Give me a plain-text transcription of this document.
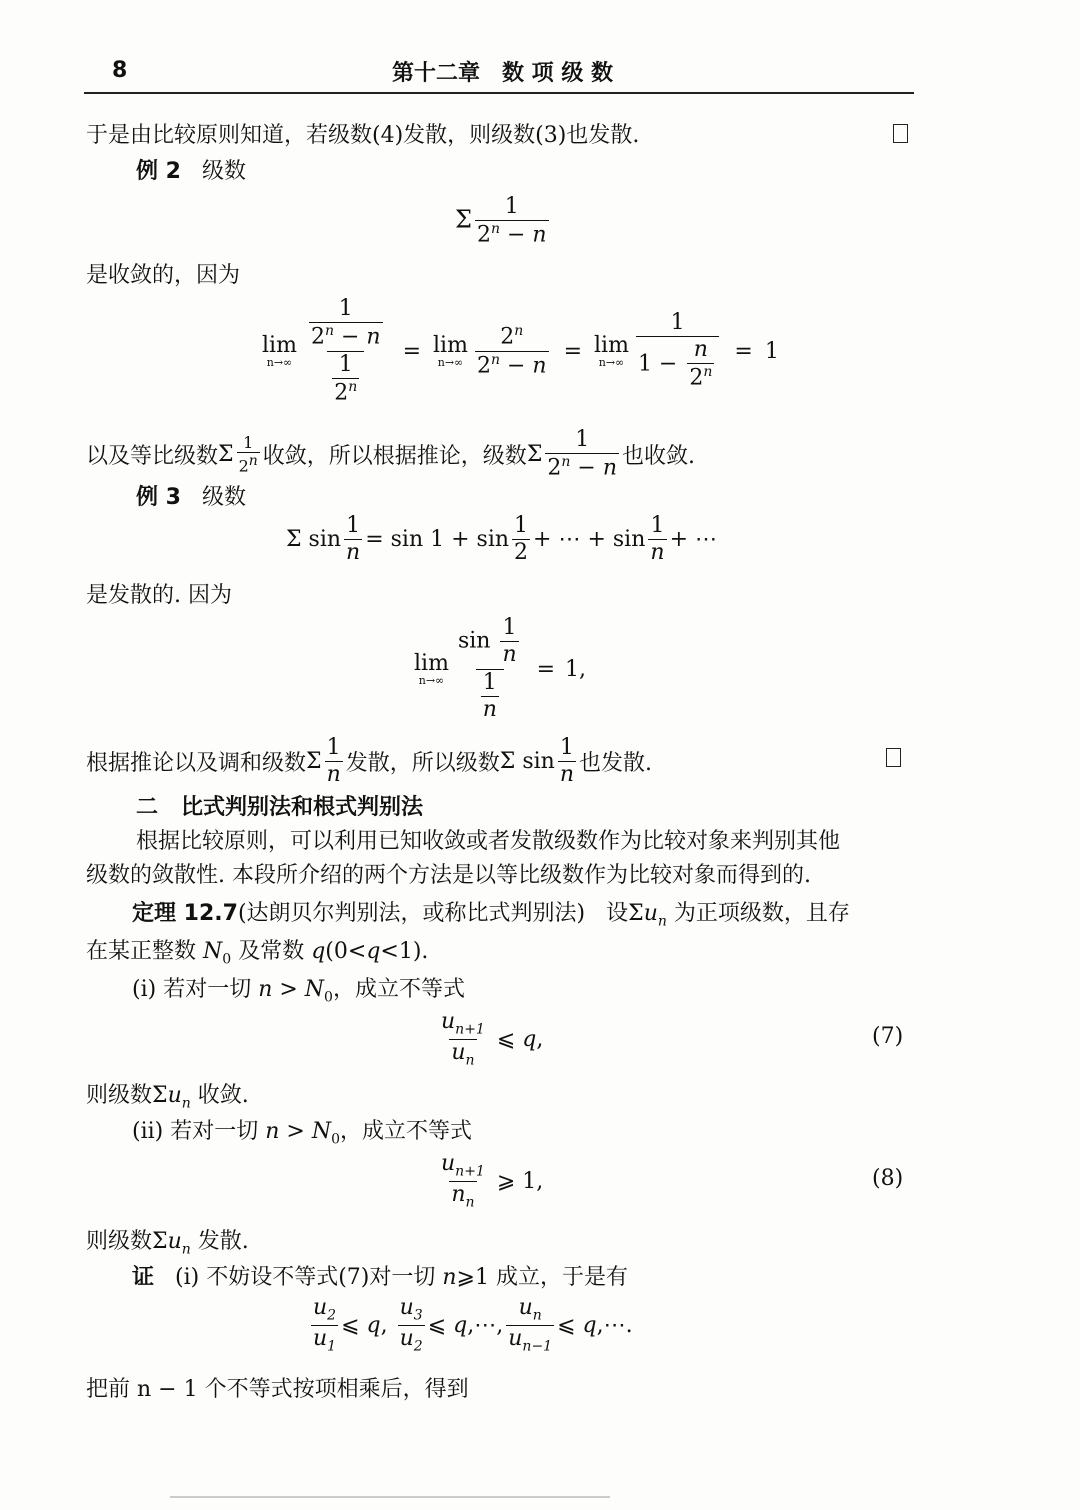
8	第十二章　数 项 级 数
于是由比较原则知道，若级数(4)发散，则级数(3)也发散.
例 2 级数
Σ $\frac{1}{2^n - n}$
是收敛的，因为
lim
$n\to\infty \frac{\frac{1}{2^n - n}}{\frac{1}{2^n}} = \lim$
$n\to\infty \frac{2^n}{2^n - n} = \lim$
$n\to\infty \frac{1}{1 - \frac{n}{2^n}} = 1$
以及等比级数 Σ $\frac{1}{2n}$ 收敛，所以根据推论，级数 Σ $\frac{1}{2^n - n}$ 也收敛.
例 3 级数
Σ $\sin \frac{1}{n} = \sin 1 + \sin \frac{1}{2}$ + ⋯ + $\sin \frac{1}{n}$ + ⋯
是发散的. 因为
lim
$n\to\infty \frac{\sin \frac{1}{n}}{\frac{1}{n}} = 1$,
根据推论以及调和级数 Σ $\frac{1}{n}$ 发散，所以级数 Σ $\sin \frac{1}{n}$ 也发散.
二 比式判别法和根式判别法
根据比较原则，可以利用已知收敛或者发散级数作为比较对象来判别其他
级数的敛散性. 本段所介绍的两个方法是以等比级数作为比较对象而得到的.
定理 12.7(达朗贝尔判别法，或称比式判别法) 设$\Sigma u_n$ 为正项级数，且存
在某正整数 $N_0$ 及常数 q(0<q<1).
(i) 若对一切 $n > N_0$，成立不等式
$\frac{u_{n+1}}{u_n}$ ⩽ q,	(7)
则级数$\Sigma u_n$ 收敛.
(ii) 若对一切 $n > N_0$，成立不等式
$\frac{u_{n+1}}{n_n}$ ⩾ 1,	(8)
则级数$\Sigma u_n$ 发散.
证 (i) 不妨设不等式(7)对一切 n⩾1 成立，于是有
$\frac{u_2}{u_1}$ ⩽ q, $\frac{u_3}{u_2}$ ⩽ q,⋯, $\frac{u_n}{u_{n-1}}$ ⩽ q,⋯.
把前 n − 1 个不等式按项相乘后，得到
